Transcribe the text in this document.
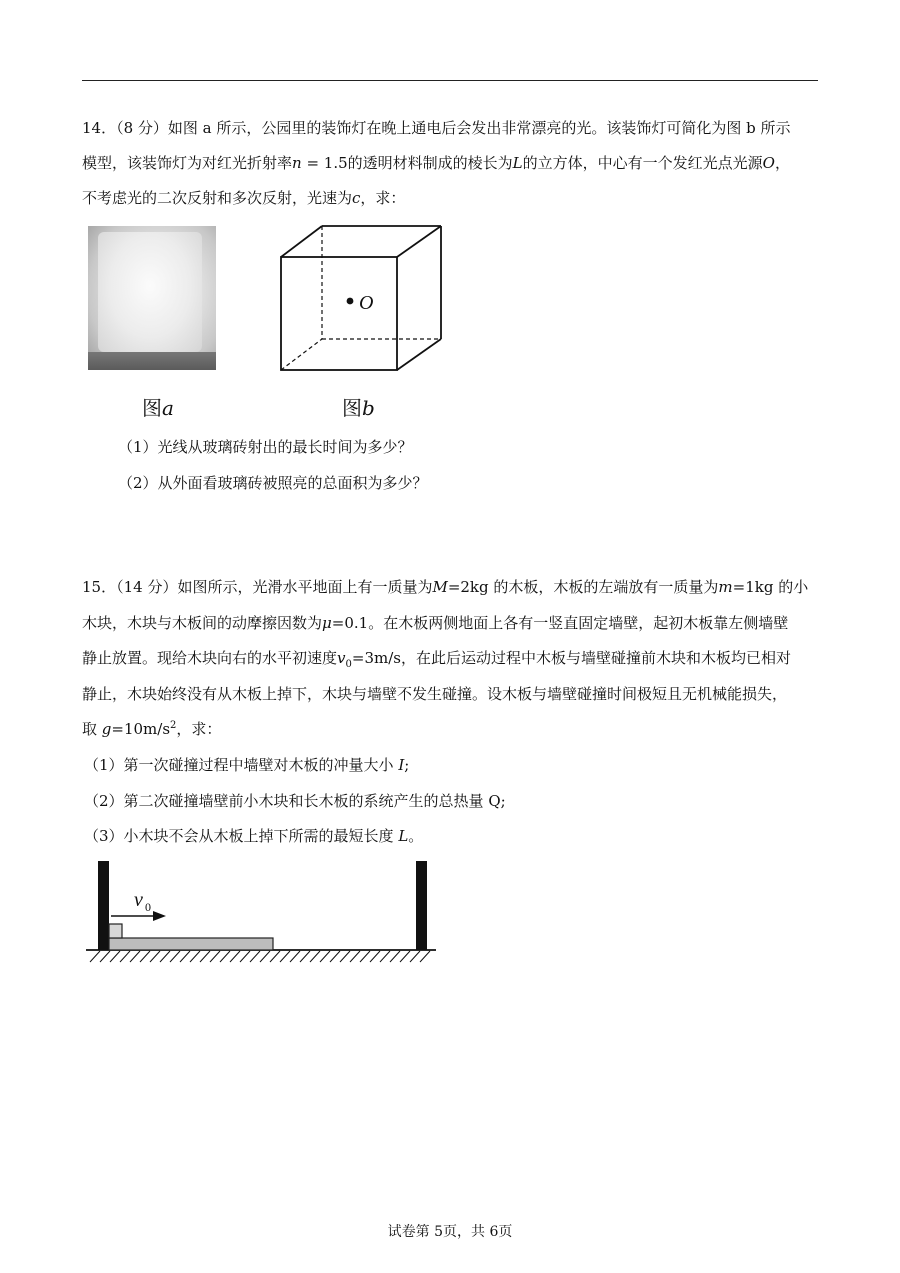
14．（8 分）如图 a 所示，公园里的装饰灯在晚上通电后会发出非常漂亮的光。该装饰灯可简化为图 b 所示
模型，该装饰灯为对红光折射率n = 1.5的透明材料制成的棱长为L的立方体，中心有一个发红光点光源O，
不考虑光的二次反射和多次反射，光速为c，求：
图a
O
图b
（1）光线从玻璃砖射出的最长时间为多少？
（2）从外面看玻璃砖被照亮的总面积为多少？
15．（14 分）如图所示，光滑水平地面上有一质量为M=2kg 的木板，木板的左端放有一质量为m=1kg 的小
木块，木块与木板间的动摩擦因数为μ=0.1。在木板两侧地面上各有一竖直固定墙壁，起初木板靠左侧墙壁
静止放置。现给木块向右的水平初速度$v_0=3m/s$，在此后运动过程中木板与墙壁碰撞前木块和木板均已相对
静止，木块始终没有从木板上掉下，木块与墙壁不发生碰撞。设木板与墙壁碰撞时间极短且无机械能损失，
取 $g=10m/s^2$，求：
（1）第一次碰撞过程中墙壁对木板的冲量大小 I;
（2）第二次碰撞墙壁前小木块和长木板的系统产生的总热量 Q;
（3）小木块不会从木板上掉下所需的最短长度 L。
v 0
试卷第 5页，共 6页
